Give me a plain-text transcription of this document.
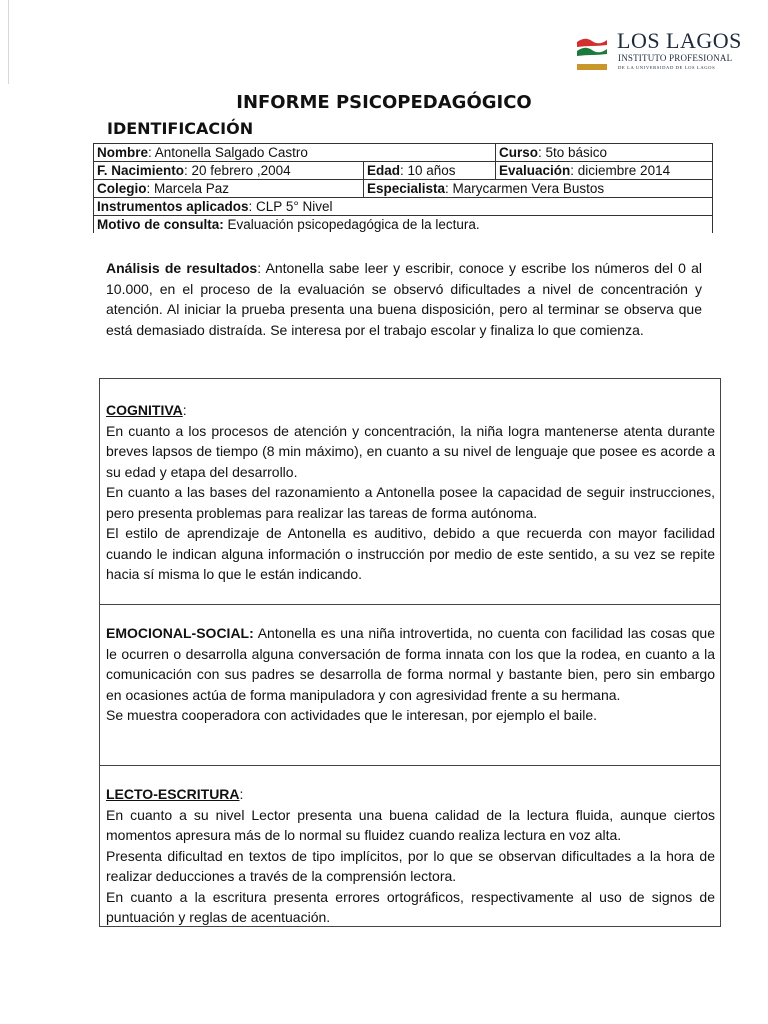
LOS LAGOS
INSTITUTO PROFESIONAL
DE LA UNIVERSIDAD DE LOS LAGOS
INFORME PSICOPEDAGÓGICO
IDENTIFICACIÓN
Nombre: Antonella Salgado Castro		Curso: 5to básico
F. Nacimiento: 20 febrero ,2004	Edad: 10 años	Evaluación: diciembre 2014
Colegio: Marcela Paz	Especialista: Marycarmen Vera Bustos	
Instrumentos aplicados: CLP 5° Nivel		
Motivo de consulta: Evaluación psicopedagógica de la lectura.		
Análisis de resultados: Antonella sabe leer y escribir, conoce y escribe los números del 0 al 10.000, en el proceso de la evaluación se observó dificultades a nivel de concentración y atención. Al iniciar la prueba presenta una buena disposición, pero al terminar se observa que está demasiado distraída. Se interesa por el trabajo escolar y finaliza lo que comienza.

COGNITIVA:

En cuanto a los procesos de atención y concentración, la niña logra mantenerse atenta durante breves lapsos de tiempo (8 min máximo), en cuanto a su nivel de lenguaje que posee es acorde a su edad y etapa del desarrollo.

En cuanto a las bases del razonamiento a Antonella posee la capacidad de seguir instrucciones, pero presenta problemas para realizar las tareas de forma autónoma.

El estilo de aprendizaje de Antonella es auditivo, debido a que recuerda con mayor facilidad cuando le indican alguna información o instrucción por medio de este sentido, a su vez se repite hacia sí misma lo que le están indicando.

EMOCIONAL-SOCIAL: Antonella es una niña introvertida, no cuenta con facilidad las cosas que le ocurren o desarrolla alguna conversación de forma innata con los que la rodea, en cuanto a la comunicación con sus padres se desarrolla de forma normal y bastante bien, pero sin embargo en ocasiones actúa de forma manipuladora y con agresividad frente a su hermana.

Se muestra cooperadora con actividades que le interesan, por ejemplo el baile.

LECTO-ESCRITURA:

En cuanto a su nivel Lector presenta una buena calidad de la lectura fluida, aunque ciertos momentos apresura más de lo normal su fluidez cuando realiza lectura en voz alta.

Presenta dificultad en textos de tipo implícitos, por lo que se observan dificultades a la hora de realizar deducciones a través de la comprensión lectora.

En cuanto a la escritura presenta errores ortográficos, respectivamente al uso de signos de puntuación y reglas de acentuación.
